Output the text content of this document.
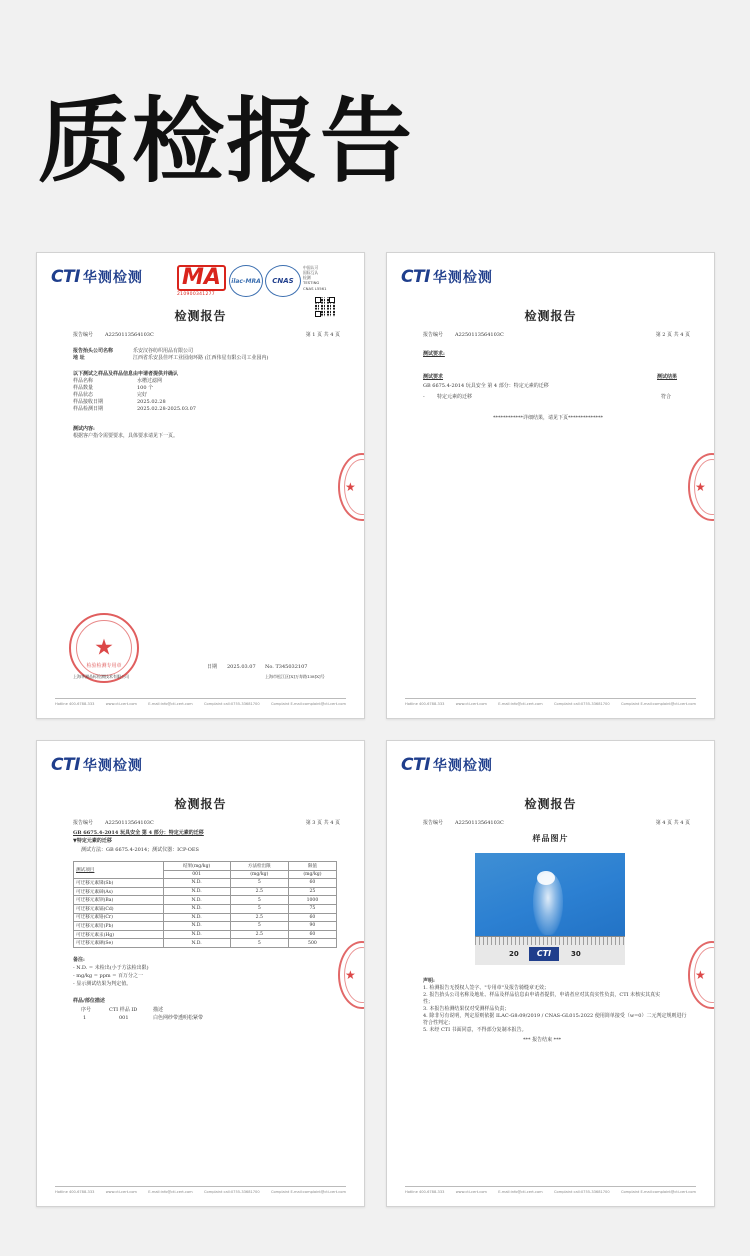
质检报告
CTI 华测检测 MA
210900341277
ilac-MRA	CNAS
中国认可
国际互认
检测
TESTING
CNAS L5561
检测报告
报告编号 A2250113564103C	第 1 页 共 4 页
报告抬头公司名称	乐安汉谷纺织用品有限公司
地 址	江西省乐安县佳坪工业园南环路 (江西伟星有限公司工业园内)
以下测试之样品及样品信息由申请者提供并确认
样品名称	水槽过滤网
样品数量	100 个
样品状态	完好
样品接收日期	2025.02.28
样品检测日期	2025.02.28-2025.03.07
测试内容:
根据客户指令需要要求，具体要求请见下一页。
★
检验检测专用章
★
日期 2025.03.07 No. T345032107
上海华测品标检测技术有限公司	上海市松江区[X]万寿路138[X]号
Hotline 400-6788-333	www.cti-cert.com	E-mail:info@cti-cert.com	Complaint call:0755-33681700	Complaint E-mail:complaint@cti-cert.com
CTI 华测检测
检测报告
报告编号 A2250113564103C	第 2 页 共 4 页
测试要求:
测试要求	测试结果
GB 6675.4-2014 玩具安全 第 4 部分：特定元素的迁移
- 特定元素的迁移	符合
************详细结果，请见下页**************
★
Hotline 400-6788-333	www.cti-cert.com	E-mail:info@cti-cert.com	Complaint call:0755-33681700	Complaint E-mail:complaint@cti-cert.com
CTI 华测检测
检测报告
报告编号 A2250113564103C	第 3 页 共 4 页
GB 6675.4-2014 玩具安全 第 4 部分：特定元素的迁移
▼特定元素的迁移
测试方法：GB 6675.4-2014；测试仪器：ICP-OES
测试项目	结果(mg/kg)	方法检出限	限值
	001	(mg/kg)	(mg/kg)
可迁移元素锑(Sb)	N.D.	5	60
可迁移元素砷(As)	N.D.	2.5	25
可迁移元素钡(Ba)	N.D.	5	1000
可迁移元素镉(Cd)	N.D.	5	75
可迁移元素铬(Cr)	N.D.	2.5	60
可迁移元素铅(Pb)	N.D.	5	90
可迁移元素汞(Hg)	N.D.	2.5	60
可迁移元素硒(Se)	N.D.	5	500
备注:
- N.D. = 未检出(小于方法检出限)
- mg/kg = ppm = 百万分之一
- 显示测试结果为判定值。
样品/部位描述
序号	CTI 样品 ID	描述
1	001	白色网纱带透明松紧带
★
Hotline 400-6788-333	www.cti-cert.com	E-mail:info@cti-cert.com	Complaint call:0755-33681700	Complaint E-mail:complaint@cti-cert.com
CTI 华测检测
检测报告
报告编号 A2250113564103C	第 4 页 共 4 页
样品图片
20	CTI	30
声明:
1. 检测报告无授权人签字、"专用章"及报告骑缝章无效；
2. 报告抬头公司名称及地址、样品及样品信息由申请者提供，申请者应对其真实性负责，CTI 未核实其真实
性；
3. 本报告检测结果仅对受测样品负责；
4. 除非另有说明，判定原则依据 ILAC-G8:09/2019 / CNAS-GL015:2022 使用简单接受（w=0）二元判定规则进行
符合性判定；
5. 未经 CTI 书面同意，不得部分复制本报告。
*** 报告结束 ***
★
Hotline 400-6788-333	www.cti-cert.com	E-mail:info@cti-cert.com	Complaint call:0755-33681700	Complaint E-mail:complaint@cti-cert.com
